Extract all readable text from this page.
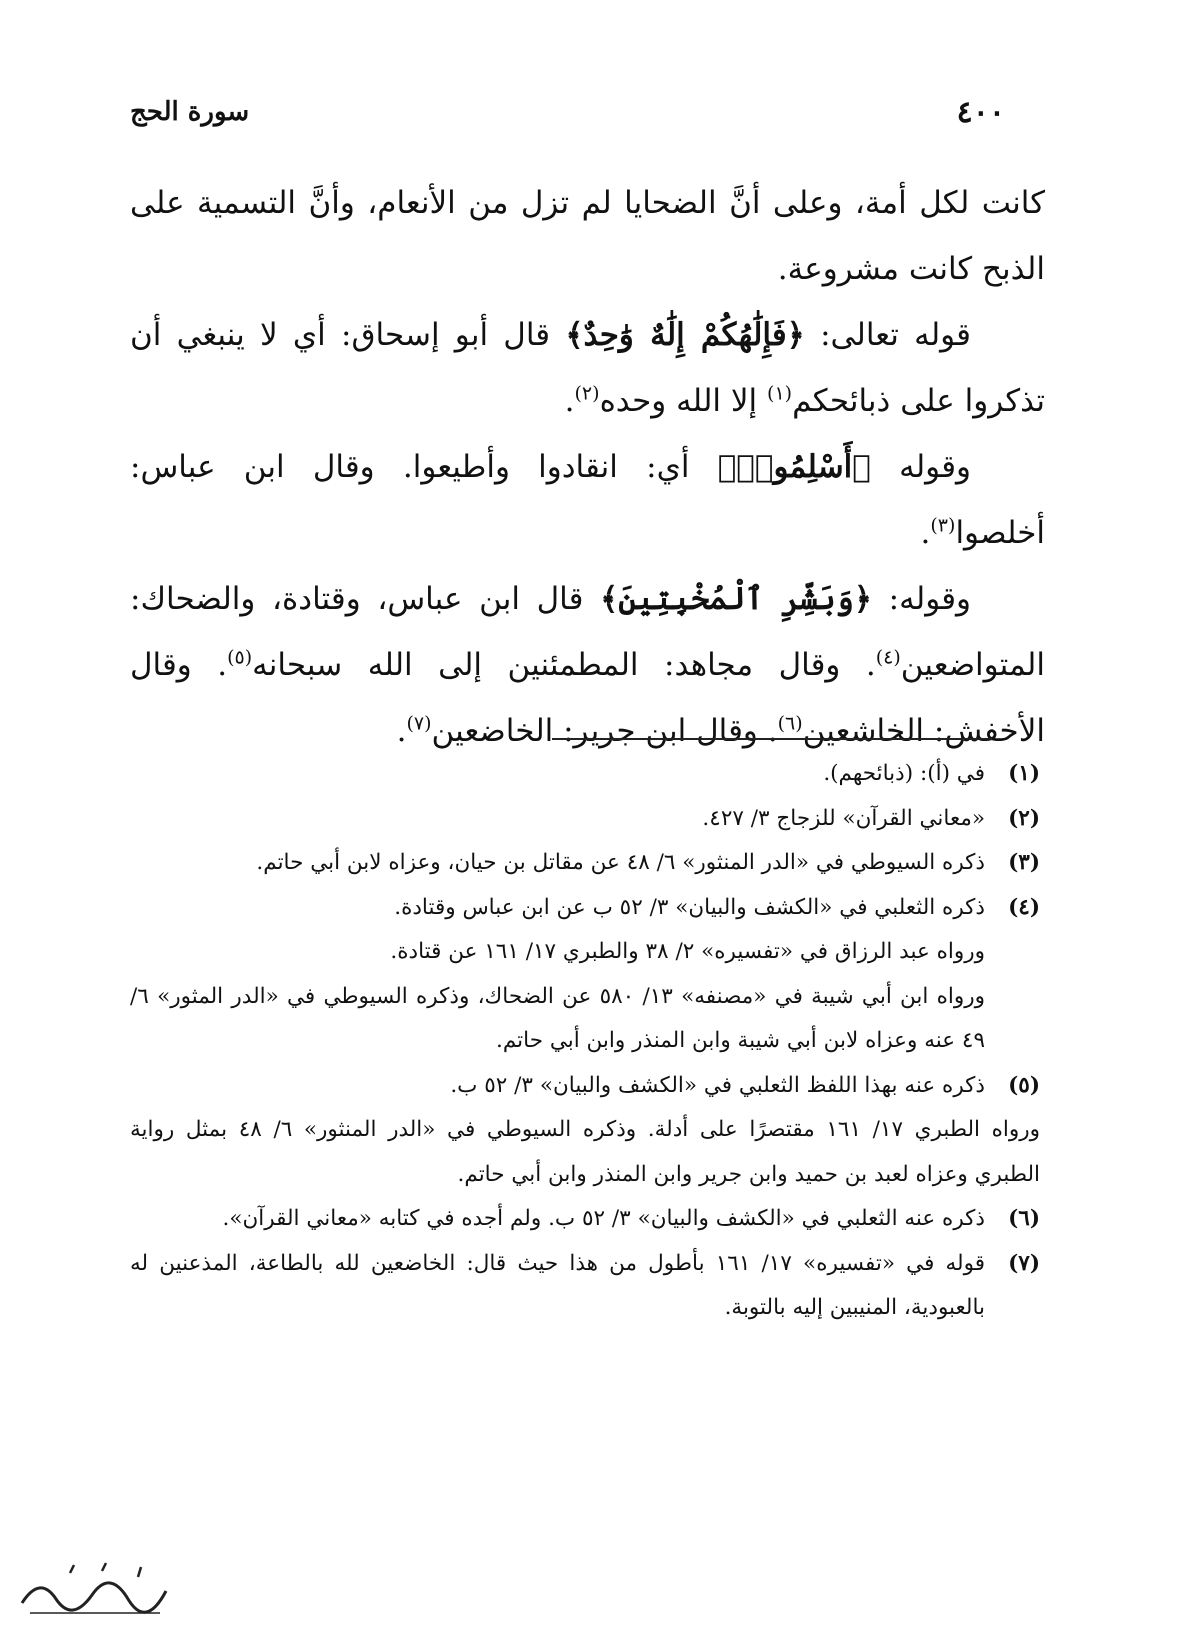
٤٠٠
سورة الحج

كانت لكل أمة، وعلى أنَّ الضحايا لم تزل من الأنعام، وأنَّ التسمية على الذبح كانت مشروعة.

قوله تعالى: ﴿فَإِلَٰهُكُمْ إِلَٰهٌ وَٰحِدٌ﴾ قال أبو إسحاق: أي لا ينبغي أن تذكروا على ذبائحكم$^{(١)}$ إلا الله وحده$^{(٢)}$.

وقوله ﴿أَسْلِمُوا۟﴾ أي: انقادوا وأطيعوا. وقال ابن عباس: أخلصوا$^{(٣)}$.

وقوله: ﴿وَبَشِّرِ ٱلْمُخْبِتِينَ﴾ قال ابن عباس، وقتادة، والضحاك: المتواضعين$^{(٤)}$. وقال مجاهد: المطمئنين إلى الله سبحانه$^{(٥)}$. وقال الأخفش: الخاشعين$^{(٦)}$. وقال ابن جرير: الخاضعين$^{(٧)}$.

(١)
في (أ): (ذبائحهم).
(٢)
«معاني القرآن» للزجاج ٣/ ٤٢٧.
(٣)
ذكره السيوطي في «الدر المنثور» ٦/ ٤٨ عن مقاتل بن حيان، وعزاه لابن أبي حاتم.
(٤)
ذكره الثعلبي في «الكشف والبيان» ٣/ ٥٢ ب عن ابن عباس وقتادة.
ورواه عبد الرزاق في «تفسيره» ٢/ ٣٨ والطبري ١٧/ ١٦١ عن قتادة.
ورواه ابن أبي شيبة في «مصنفه» ١٣/ ٥٨٠ عن الضحاك، وذكره السيوطي في «الدر المثور» ٦/ ٤٩ عنه وعزاه لابن أبي شيبة وابن المنذر وابن أبي حاتم.
(٥)
ذكره عنه بهذا اللفظ الثعلبي في «الكشف والبيان» ٣/ ٥٢ ب.
ورواه الطبري ١٧/ ١٦١ مقتصرًا على أدلة. وذكره السيوطي في «الدر المنثور» ٦/ ٤٨ بمثل رواية الطبري وعزاه لعبد بن حميد وابن جرير وابن المنذر وابن أبي حاتم.
(٦)
ذكره عنه الثعلبي في «الكشف والبيان» ٣/ ٥٢ ب. ولم أجده في كتابه «معاني القرآن».
(٧)
قوله في «تفسيره» ١٧/ ١٦١ بأطول من هذا حيث قال: الخاضعين لله بالطاعة، المذعنين له بالعبودية، المنيبين إليه بالتوبة.
